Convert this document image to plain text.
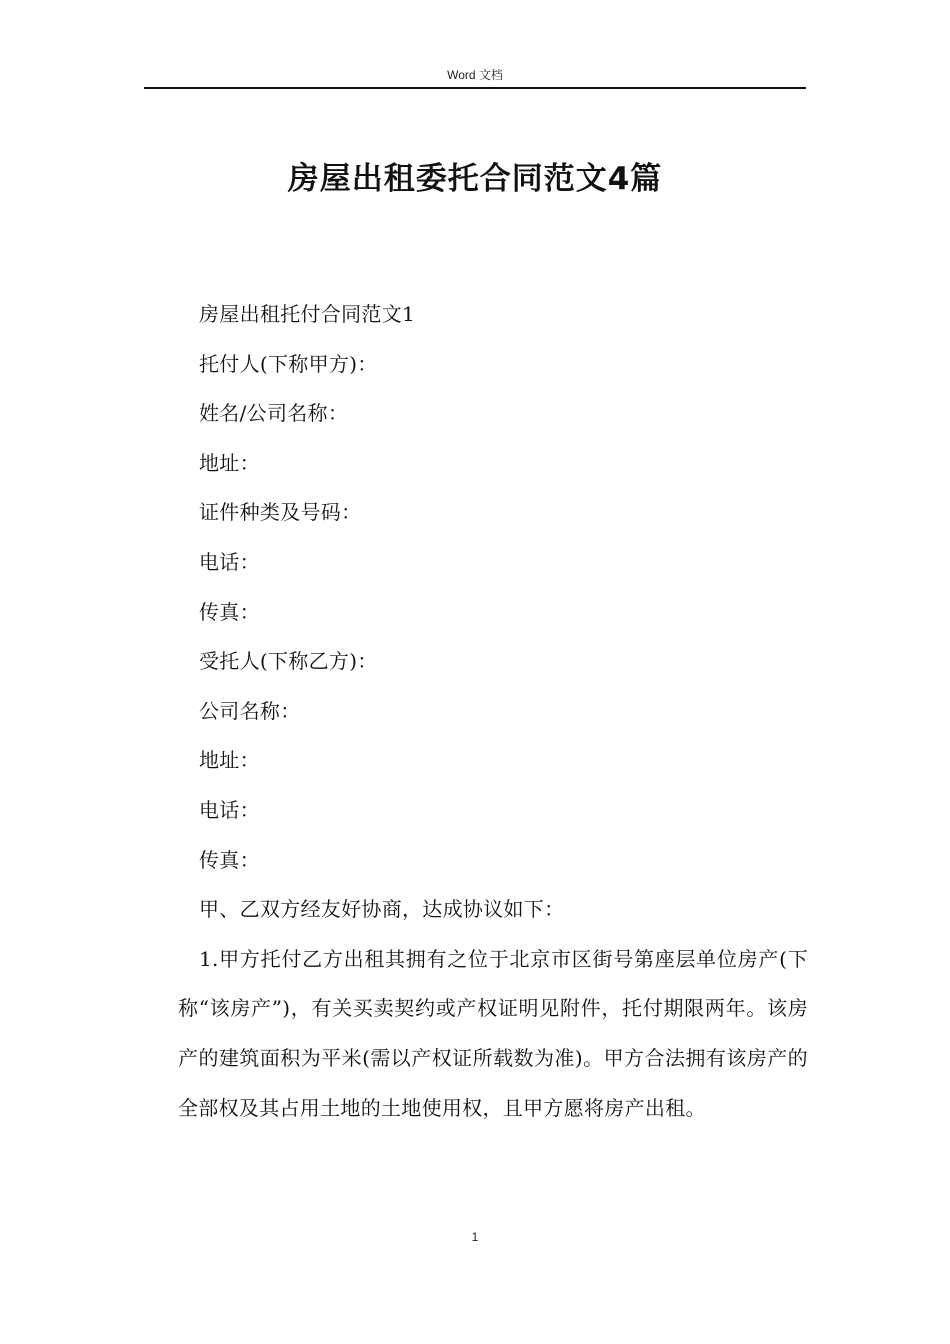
Word 文档
房屋出租委托合同范文4篇

房屋出租托付合同范文1

托付人(下称甲方)：

姓名/公司名称：

地址：

证件种类及号码：

电话：

传真：

受托人(下称乙方)：

公司名称：

地址：

电话：

传真：

甲、乙双方经友好协商，达成协议如下：

1.甲方托付乙方出租其拥有之位于北京市区街号第座层单位房产(下称“该房产”)，有关买卖契约或产权证明见附件，托付期限两年。该房产的建筑面积为平米(需以产权证所载数为准)。甲方合法拥有该房产的全部权及其占用土地的土地使用权，且甲方愿将房产出租。

1
